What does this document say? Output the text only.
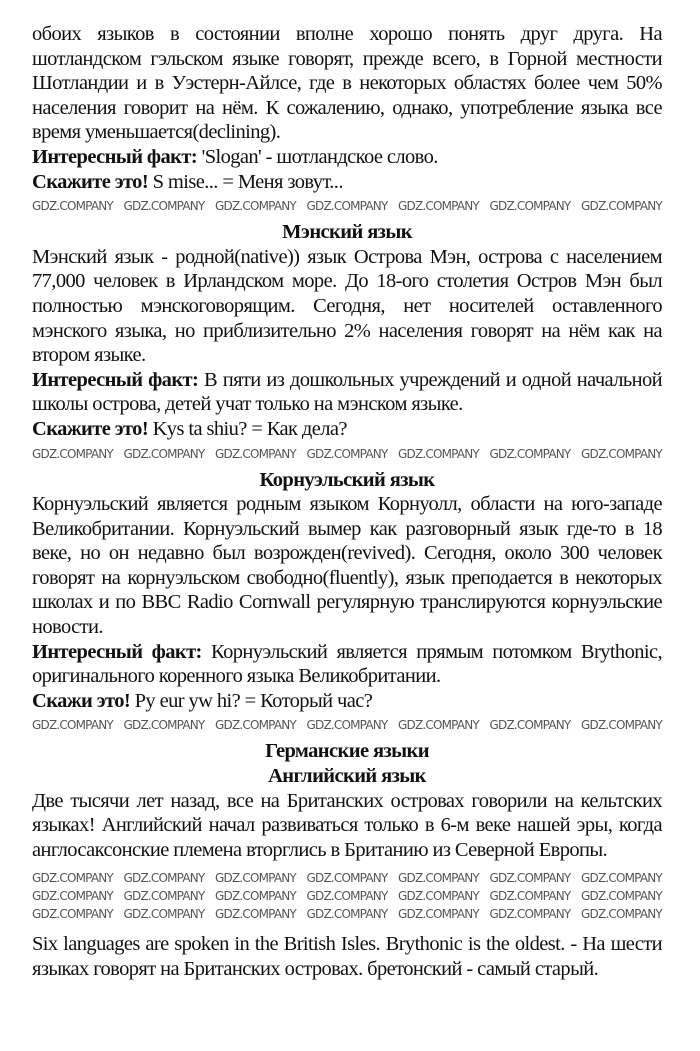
обоих языков в состоянии вполне хорошо понять друг друга. На шотландском гэльском языке говорят, прежде всего, в Горной местности Шотландии и в Уэстерн-Айлсе, где в некоторых областях более чем 50% населения говорит на нём. К сожалению, однако, употребление языка все время уменьшается(declining).

Интересный факт: 'Slogan' - шотландское слово.

Скажите это! S mise... = Меня зовут...

GDZ.COMPANY GDZ.COMPANY GDZ.COMPANY GDZ.COMPANY GDZ.COMPANY GDZ.COMPANY GDZ.COMPANY
Мэнский язык

Мэнский язык - родной(native)) язык Острова Мэн, острова с населением 77,000 человек в Ирландском море. До 18-ого столетия Остров Мэн был полностью мэнскоговорящим. Сегодня, нет носителей оставленного мэнского языка, но приблизительно 2% населения говорят на нём как на втором языке.

Интересный факт: В пяти из дошкольных учреждений и одной начальной школы острова, детей учат только на мэнском языке.

Скажите это! Kys ta shiu? = Как дела?

GDZ.COMPANY GDZ.COMPANY GDZ.COMPANY GDZ.COMPANY GDZ.COMPANY GDZ.COMPANY GDZ.COMPANY
Корнуэльский язык

Корнуэльский является родным языком Корнуолл, области на юго-западе Великобритании. Корнуэльский вымер как разговорный язык где-то в 18 веке, но он недавно был возрожден(revived). Сегодня, около 300 человек говорят на корнуэльском свободно(fluently), язык преподается в некоторых школах и по BBC Radio Cornwall регулярную транслируются корнуэльские новости.

Интересный факт: Корнуэльский является прямым потомком Brythonic, оригинального коренного языка Великобритании.

Скажи это! Py eur yw hi? = Который час?

GDZ.COMPANY GDZ.COMPANY GDZ.COMPANY GDZ.COMPANY GDZ.COMPANY GDZ.COMPANY GDZ.COMPANY
Германские языки
Английский язык

Две тысячи лет назад, все на Британских островах говорили на кельтских языках! Английский начал развиваться только в 6-м веке нашей эры, когда англосаксонские племена вторглись в Британию из Северной Европы.

GDZ.COMPANY GDZ.COMPANY GDZ.COMPANY GDZ.COMPANY GDZ.COMPANY GDZ.COMPANY GDZ.COMPANY
GDZ.COMPANY GDZ.COMPANY GDZ.COMPANY GDZ.COMPANY GDZ.COMPANY GDZ.COMPANY GDZ.COMPANY
GDZ.COMPANY GDZ.COMPANY GDZ.COMPANY GDZ.COMPANY GDZ.COMPANY GDZ.COMPANY GDZ.COMPANY

Six languages are spoken in the British Isles. Brythonic is the oldest. - На шести языках говорят на Британских островах. бретонский - самый старый.
